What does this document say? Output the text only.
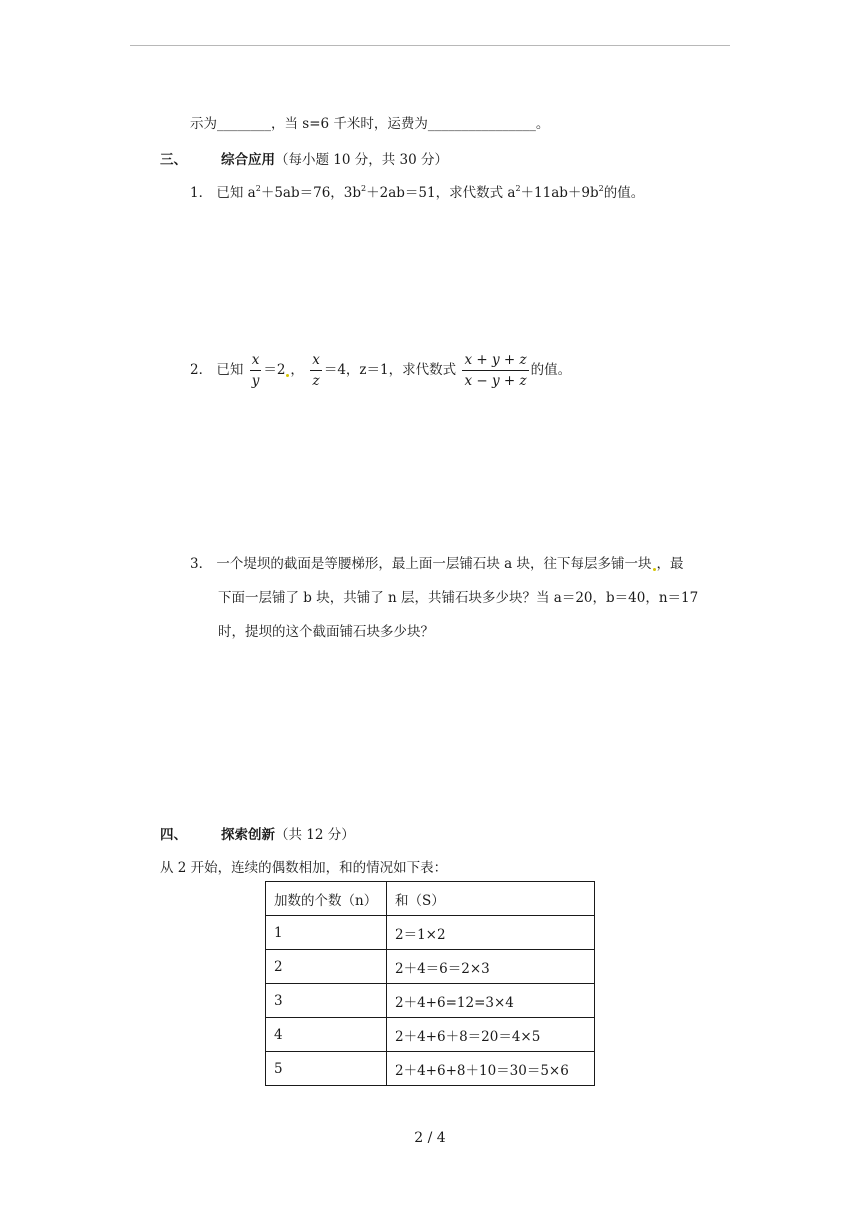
示为________，当 s=6 千米时，运费为________________。
三、	综合应用（每小题 10 分，共 30 分）
1． 已知 $a^2+5ab=76$，$3b^2+2ab=51$，求代数式 $a^2+11ab+9b^2$的值。
2． 已知 $\frac{x}{y} =2$ ， $\frac{x}{z} =4$，z＝1，求代数式 $\frac{x + y + z}{x - y + z}$ 的值。
3． 一个堤坝的截面是等腰梯形，最上面一层铺石块 a 块，往下每层多铺一块 ，最
下面一层铺了 b 块，共铺了 n 层，共铺石块多少块？当 a＝20，b＝40，n＝17
时，提坝的这个截面铺石块多少块？
四、	探索创新（共 12 分）
从 2 开始，连续的偶数相加，和的情况如下表：
加数的个数（n）	和（S）
1	2＝1×2
2	2＋4＝6＝2×3
3	2＋4+6=12=3×4
4	2＋4+6＋8＝20＝4×5
5	2＋4+6+8＋10＝30＝5×6
2 / 4
